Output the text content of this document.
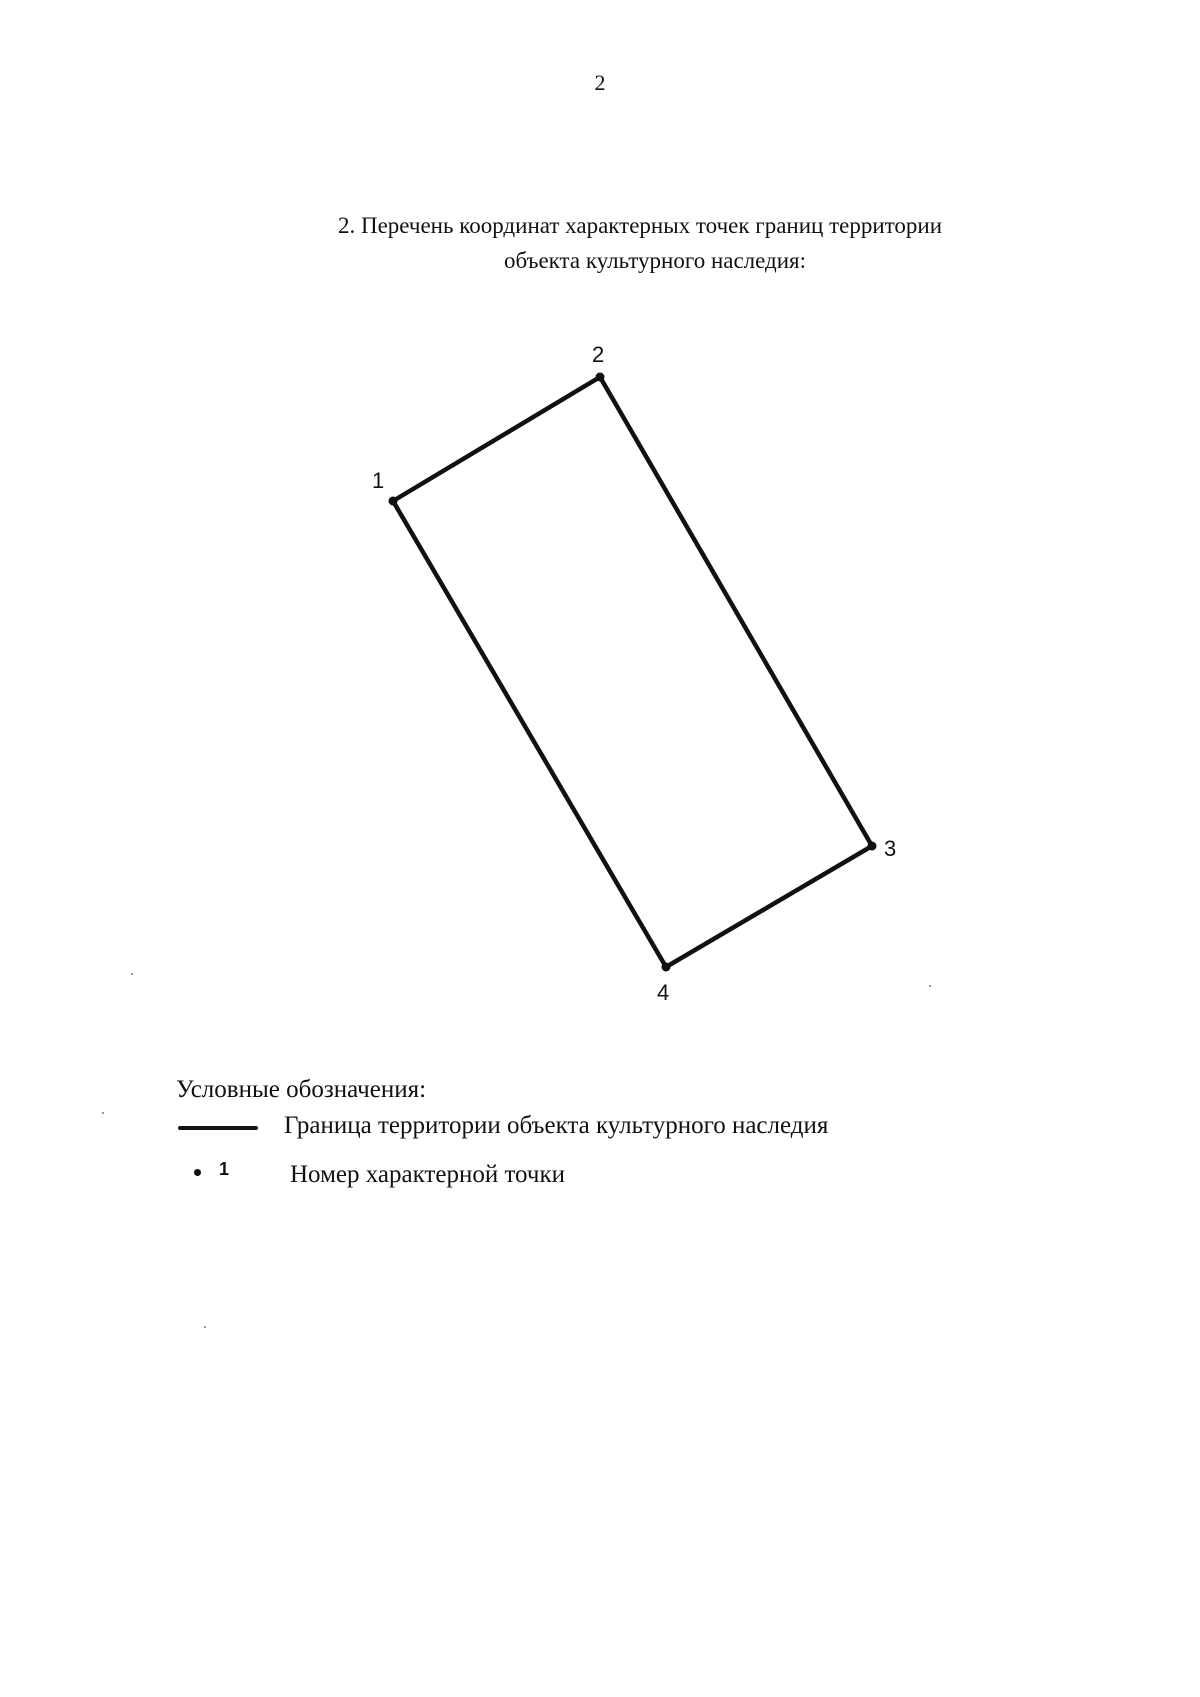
2
2. Перечень координат характерных точек границ территории
объекта культурного наследия:
1
2
3
4
Условные обозначения:
Граница территории объекта культурного наследия
1 Номер характерной точки
